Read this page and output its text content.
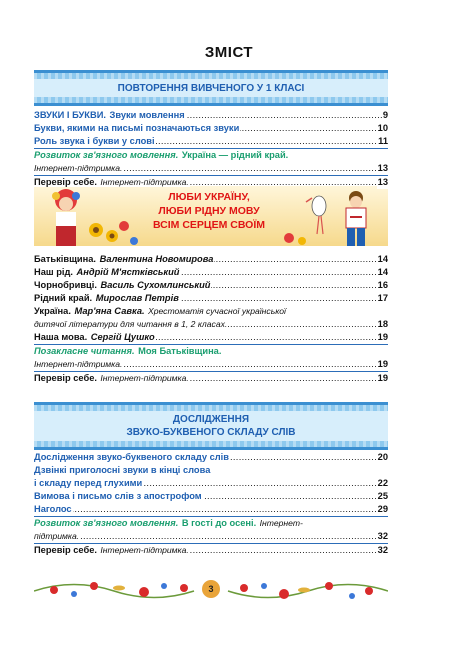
ЗМІСТ
ПОВТОРЕННЯ ВИВЧЕНОГО У 1 КЛАСІ
ЗВУКИ І БУКВИ. Звуки мовлення	9
.....
Букви, якими на письмі позначаються звуки	10
.....
Роль звука і букви у слові	11
.....
Розвиток зв'язного мовлення. Україна — рідний край.
Інтернет-підтримка.	13
.....
Перевір себе. Інтернет-підтримка.	13
.....
ЛЮБИ УКРАЇНУ,
ЛЮБИ РІДНУ МОВУ
ВСІМ СЕРЦЕМ СВОЇМ
Батьківщина. Валентина Новомирова	14
.....
Наш рід. Андрій М'ястківський	14
.....
Чорнобривці. Василь Сухомлинський	16
.....
Рідний край. Мирослав Петрів	17
.....
Україна. Мар'яна Савка. Хрестоматія сучасної української
дитячої літератури для читання в 1, 2 класах.	18
.....
Наша мова. Сергій Цушко	19
.....
Позакласне читання. Моя Батьківщина.
Інтернет-підтримка.	19
.....
Перевір себе. Інтернет-підтримка.	19
.....
ДОСЛІДЖЕННЯ
ЗВУКО-БУКВЕНОГО СКЛАДУ СЛІВ
Дослідження звуко-буквеного складу слів	20
.....
Дзвінкі приголосні звуки в кінці слова
і складу перед глухими	22
.....
Вимова і письмо слів з апострофом	25
.....
Наголос	29
.....
Розвиток зв'язного мовлення. В гості до осені. Інтернет-
підтримка.	32
.....
Перевір себе. Інтернет-підтримка.	32
.....
3
